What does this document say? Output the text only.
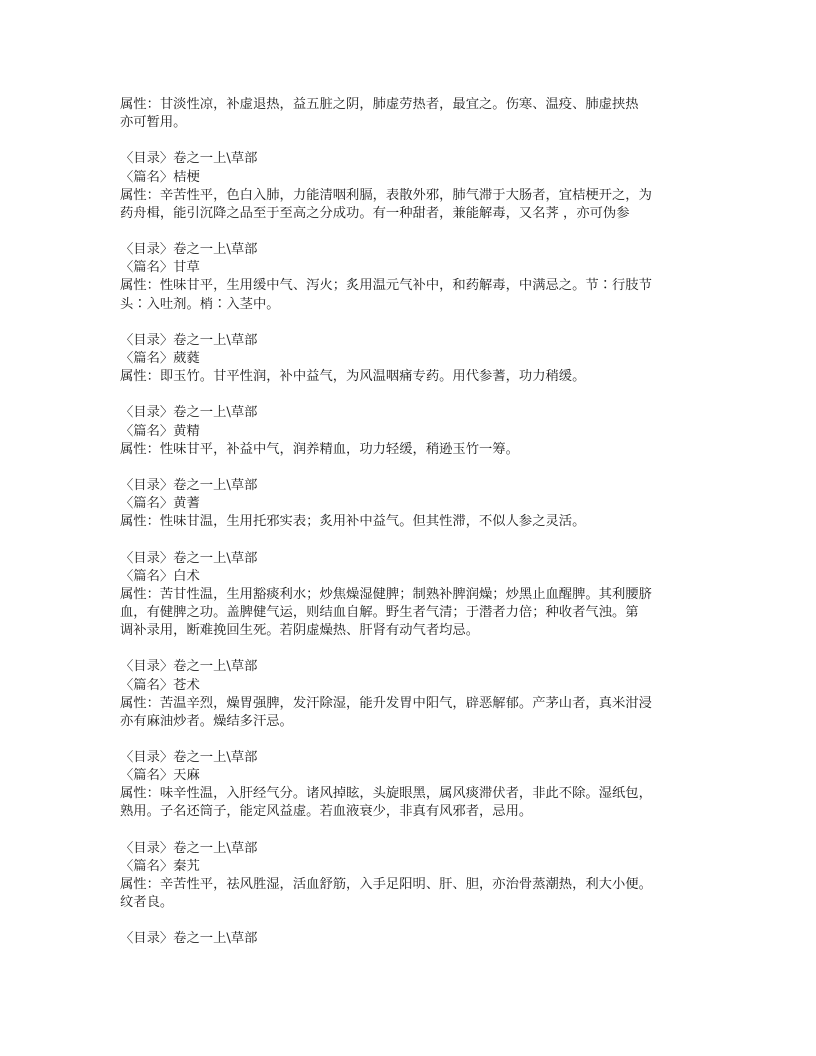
属性：甘淡性凉，补虚退热，益五脏之阴，肺虚劳热者，最宜之。伤寒、温疫、肺虚挟热
亦可暂用。
〈目录〉卷之一上\草部
〈篇名〉桔梗
属性：辛苦性平，色白入肺，力能清咽利膈，表散外邪，肺气滞于大肠者，宜桔梗开之，为
药舟楫，能引沉降之品至于至高之分成功。有一种甜者，兼能解毒，又名荠 ，亦可伪参
〈目录〉卷之一上\草部
〈篇名〉甘草
属性：性味甘平，生用缓中气、泻火；炙用温元气补中，和药解毒，中满忌之。节∶行肢节
头∶入吐剂。梢∶入茎中。
〈目录〉卷之一上\草部
〈篇名〉葳蕤
属性：即玉竹。甘平性润，补中益气，为风温咽痛专药。用代参蓍，功力稍缓。
〈目录〉卷之一上\草部
〈篇名〉黄精
属性：性味甘平，补益中气，润养精血，功力轻缓，稍逊玉竹一筹。
〈目录〉卷之一上\草部
〈篇名〉黄蓍
属性：性味甘温，生用托邪实表；炙用补中益气。但其性滞，不似人参之灵活。
〈目录〉卷之一上\草部
〈篇名〉白术
属性：苦甘性温，生用豁痰利水；炒焦燥湿健脾；制熟补脾润燥；炒黑止血醒脾。其利腰脐
血，有健脾之功。盖脾健气运，则结血自解。野生者气清；于潜者力倍；种收者气浊。第
调补录用，断难挽回生死。若阴虚燥热、肝肾有动气者均忌。
〈目录〉卷之一上\草部
〈篇名〉苍术
属性：苦温辛烈，燥胃强脾，发汗除湿，能升发胃中阳气，辟恶解郁。产茅山者，真米泔浸
亦有麻油炒者。燥结多汗忌。
〈目录〉卷之一上\草部
〈篇名〉天麻
属性：味辛性温，入肝经气分。诸风掉眩，头旋眼黑，属风痰滞伏者，非此不除。湿纸包，
熟用。子名还筒子，能定风益虚。若血液衰少，非真有风邪者，忌用。
〈目录〉卷之一上\草部
〈篇名〉秦艽
属性：辛苦性平，祛风胜湿，活血舒筋，入手足阳明、肝、胆，亦治骨蒸潮热，利大小便。
纹者良。
〈目录〉卷之一上\草部
